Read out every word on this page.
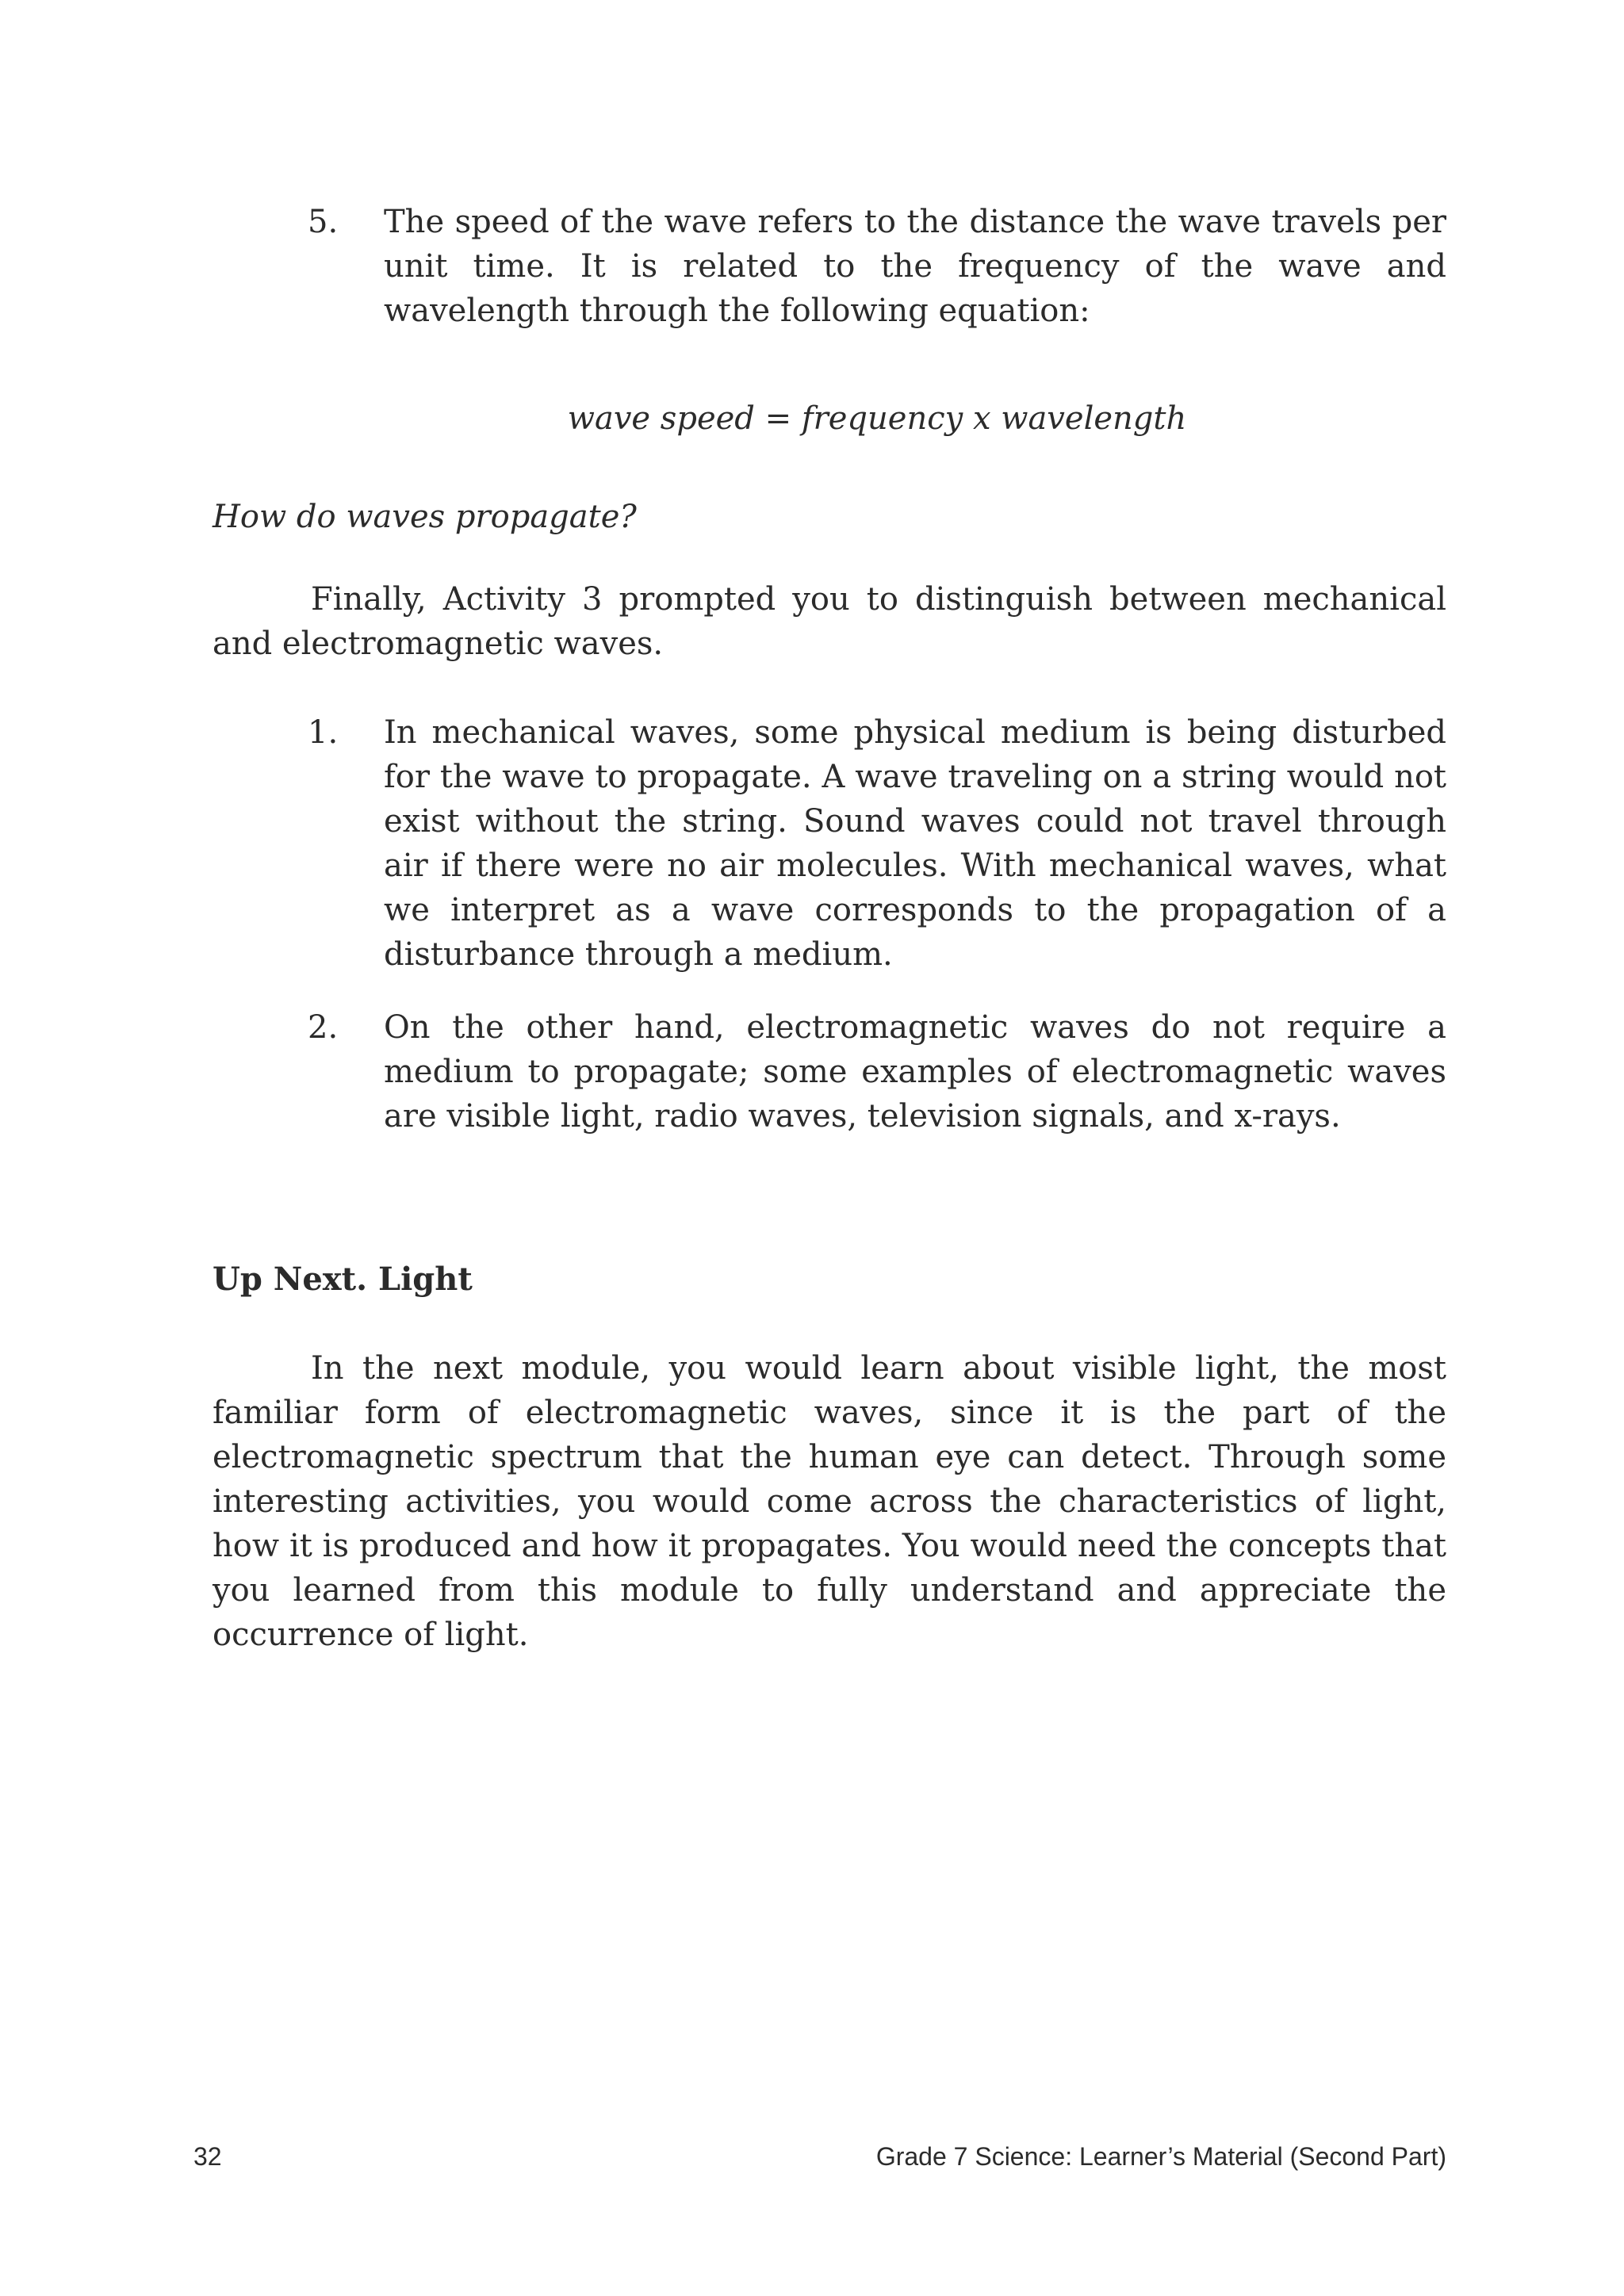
5.	The speed of the wave refers to the distance the wave travels per unit time. It is related to the frequency of the wave and wavelength through the following equation:
wave speed = frequency x wavelength
How do waves propagate?
Finally, Activity 3 prompted you to distinguish between mechanical and electromagnetic waves.
1.	In mechanical waves, some physical medium is being disturbed for the wave to propagate. A wave traveling on a string would not exist without the string. Sound waves could not travel through air if there were no air molecules. With mechanical waves, what we interpret as a wave corresponds to the propagation of a disturbance through a medium.
2.	On the other hand, electromagnetic waves do not require a medium to propagate; some examples of electromagnetic waves are visible light, radio waves, television signals, and x-rays.
Up Next. Light
In the next module, you would learn about visible light, the most familiar form of electromagnetic waves, since it is the part of the electromagnetic spectrum that the human eye can detect. Through some interesting activities, you would come across the characteristics of light, how it is produced and how it propagates. You would need the concepts that you learned from this module to fully understand and appreciate the occurrence of light.
32	Grade 7 Science: Learner’s Material (Second Part)
